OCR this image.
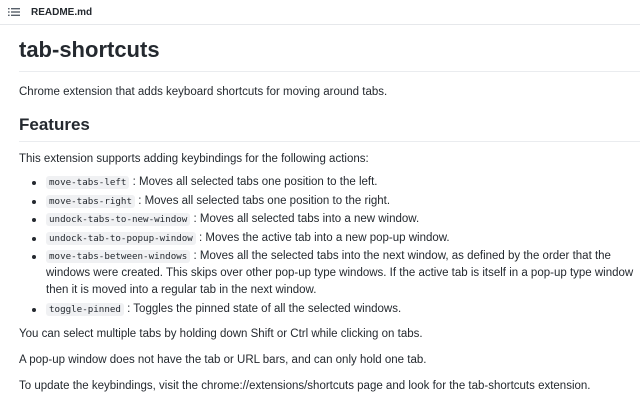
README.md
tab-shortcuts

Chrome extension that adds keyboard shortcuts for moving around tabs.

Features

This extension supports adding keybindings for the following actions:

move-tabs-left : Moves all selected tabs one position to the left.
move-tabs-right : Moves all selected tabs one position to the right.
undock-tabs-to-new-window : Moves all selected tabs into a new window.
undock-tab-to-popup-window : Moves the active tab into a new pop-up window.
move-tabs-between-windows : Moves all the selected tabs into the next window, as defined by the order that the windows were created. This skips over other pop-up type windows. If the active tab is itself in a pop-up type window then it is moved into a regular tab in the next window.
toggle-pinned : Toggles the pinned state of all the selected windows.

You can select multiple tabs by holding down Shift or Ctrl while clicking on tabs.

A pop-up window does not have the tab or URL bars, and can only hold one tab.

To update the keybindings, visit the chrome://extensions/shortcuts page and look for the tab-shortcuts extension.
